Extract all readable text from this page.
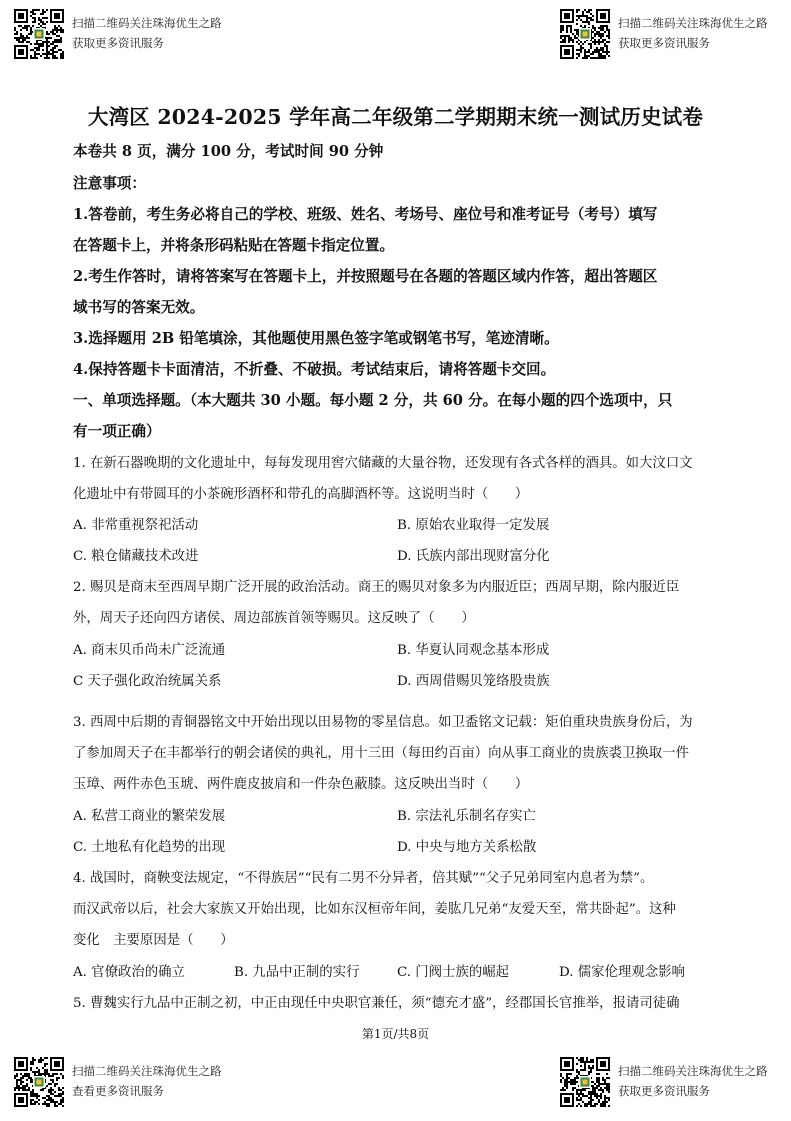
扫描二维码关注珠海优生之路
获取更多资讯服务
扫描二维码关注珠海优生之路
获取更多资讯服务
大湾区 2024-2025 学年高二年级第二学期期末统一测试历史试卷
本卷共 8 页，满分 100 分，考试时间 90 分钟
注意事项：
1.答卷前，考生务必将自己的学校、班级、姓名、考场号、座位号和准考证号（考号）填写
在答题卡上，并将条形码粘贴在答题卡指定位置。
2.考生作答时，请将答案写在答题卡上，并按照题号在各题的答题区域内作答，超出答题区
域书写的答案无效。
3.选择题用 2B 铅笔填涂，其他题使用黑色签字笔或钢笔书写，笔迹清晰。
4.保持答题卡卡面清洁，不折叠、不破损。考试结束后，请将答题卡交回。
一、单项选择题。（本大题共 30 小题。每小题 2 分，共 60 分。在每小题的四个选项中，只
有一项正确）
1. 在新石器晚期的文化遗址中，每每发现用窖穴储藏的大量谷物，还发现有各式各样的酒具。如大汶口文
化遗址中有带圆耳的小茶碗形酒杯和带孔的高脚酒杯等。这说明当时（　　）
A. 非常重视祭祀活动	B. 原始农业取得一定发展
C. 粮仓储藏技术改进	D. 氏族内部出现财富分化
2. 赐贝是商末至西周早期广泛开展的政治活动。商王的赐贝对象多为内服近臣；西周早期，除内服近臣
外，周天子还向四方诸侯、周边部族首领等赐贝。这反映了（　　）
A. 商末贝币尚未广泛流通	B. 华夏认同观念基本形成
C 天子强化政治统属关系	D. 西周借赐贝笼络股贵族
3. 西周中后期的青铜器铭文中开始出现以田易物的零星信息。如卫盉铭文记载：矩伯重玦贵族身份后，为
了参加周天子在丰都举行的朝会诸侯的典礼，用十三田（每田约百亩）向从事工商业的贵族裘卫换取一件
玉璋、两件赤色玉琥、两件鹿皮披肩和一件杂色蔽膝。这反映出当时（　　）
A. 私营工商业的繁荣发展	B. 宗法礼乐制名存实亡
C. 土地私有化趋势的出现	D. 中央与地方关系松散
4. 战国时，商鞅变法规定，“不得族居”“民有二男不分异者，倍其赋”“父子兄弟同室内息者为禁”。
而汉武帝以后，社会大家族又开始出现，比如东汉桓帝年间，姜肱几兄弟“友爱天至，常共卧起”。这种
变化　主要原因是（　　）
A. 官僚政治的确立	B. 九品中正制的实行	C. 门阀士族的崛起	D. 儒家伦理观念影响
5. 曹魏实行九品中正制之初，中正由现任中央职官兼任，须“德充才盛”，经郡国长官推举，报请司徒确
第1页/共8页
扫描二维码关注珠海优生之路
查看更多资讯服务
扫描二维码关注珠海优生之路
获取更多资讯服务
